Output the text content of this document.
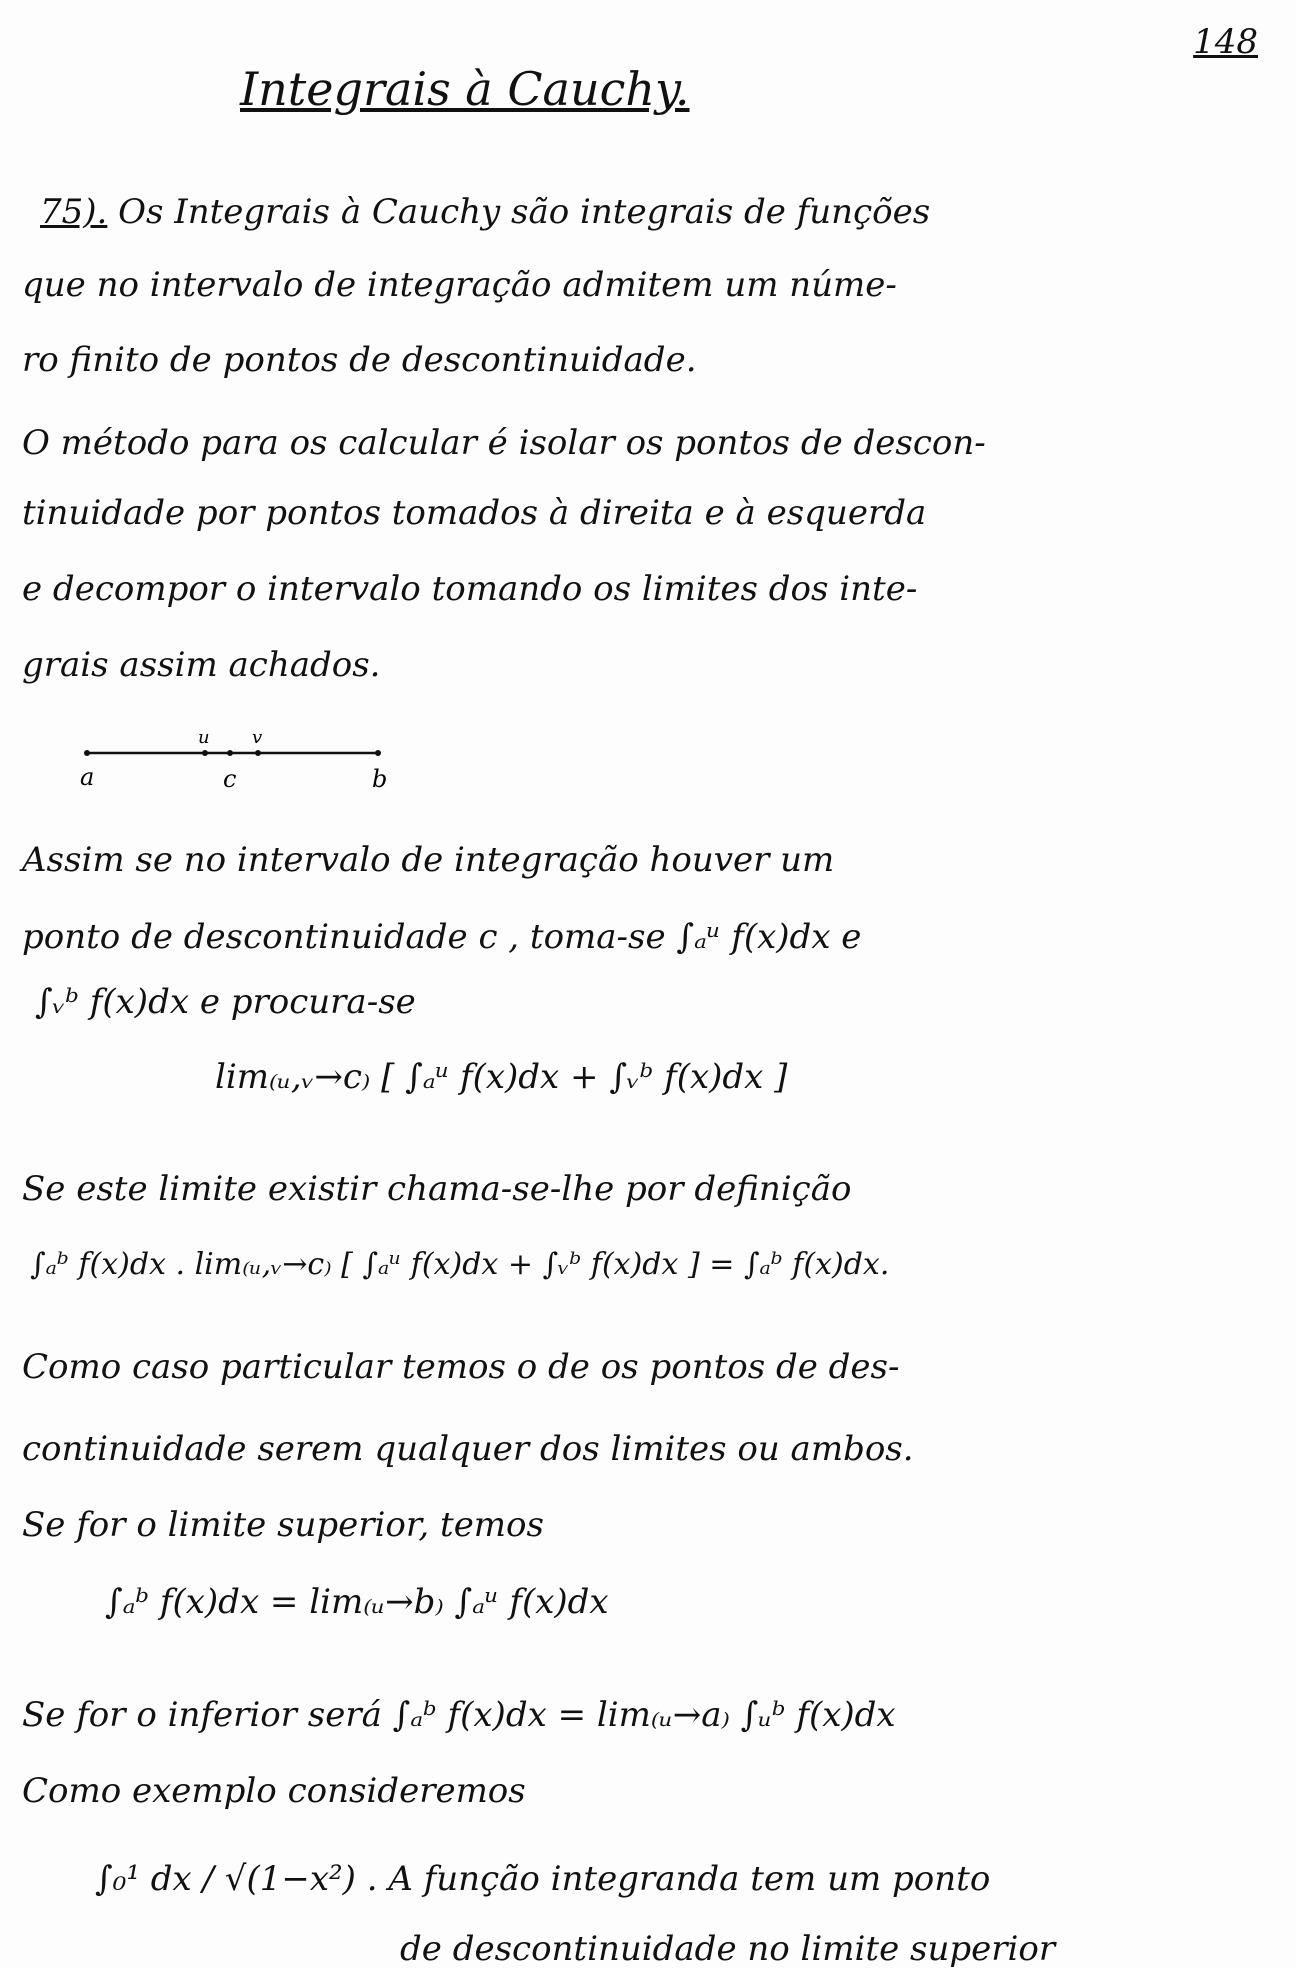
148
Integrais à Cauchy.
75). Os Integrais à Cauchy são integrais de funções
que no intervalo de integração admitem um núme-
ro finito de pontos de descontinuidade.
O método para os calcular é isolar os pontos de descon-
tinuidade por pontos tomados à direita e à esquerda
e decompor o intervalo tomando os limites dos inte-
grais assim achados.
a
u
c
v
b
Assim se no intervalo de integração houver um
ponto de descontinuidade c , toma-se ∫ₐᵘ f(x)dx e
∫ᵥᵇ f(x)dx e procura-se
lim₍ᵤ,ᵥ→c₎ [ ∫ₐᵘ f(x)dx + ∫ᵥᵇ f(x)dx ]
Se este limite existir chama-se-lhe por definição
∫ₐᵇ f(x)dx . lim₍ᵤ,ᵥ→c₎ [ ∫ₐᵘ f(x)dx + ∫ᵥᵇ f(x)dx ] = ∫ₐᵇ f(x)dx.
Como caso particular temos o de os pontos de des-
continuidade serem qualquer dos limites ou ambos.
Se for o limite superior, temos
∫ₐᵇ f(x)dx = lim₍ᵤ→b₎ ∫ₐᵘ f(x)dx
Se for o inferior será ∫ₐᵇ f(x)dx = lim₍ᵤ→a₎ ∫ᵤᵇ f(x)dx
Como exemplo consideremos
∫₀¹ dx / √(1−x²) . A função integranda tem um ponto
de descontinuidade no limite superior
